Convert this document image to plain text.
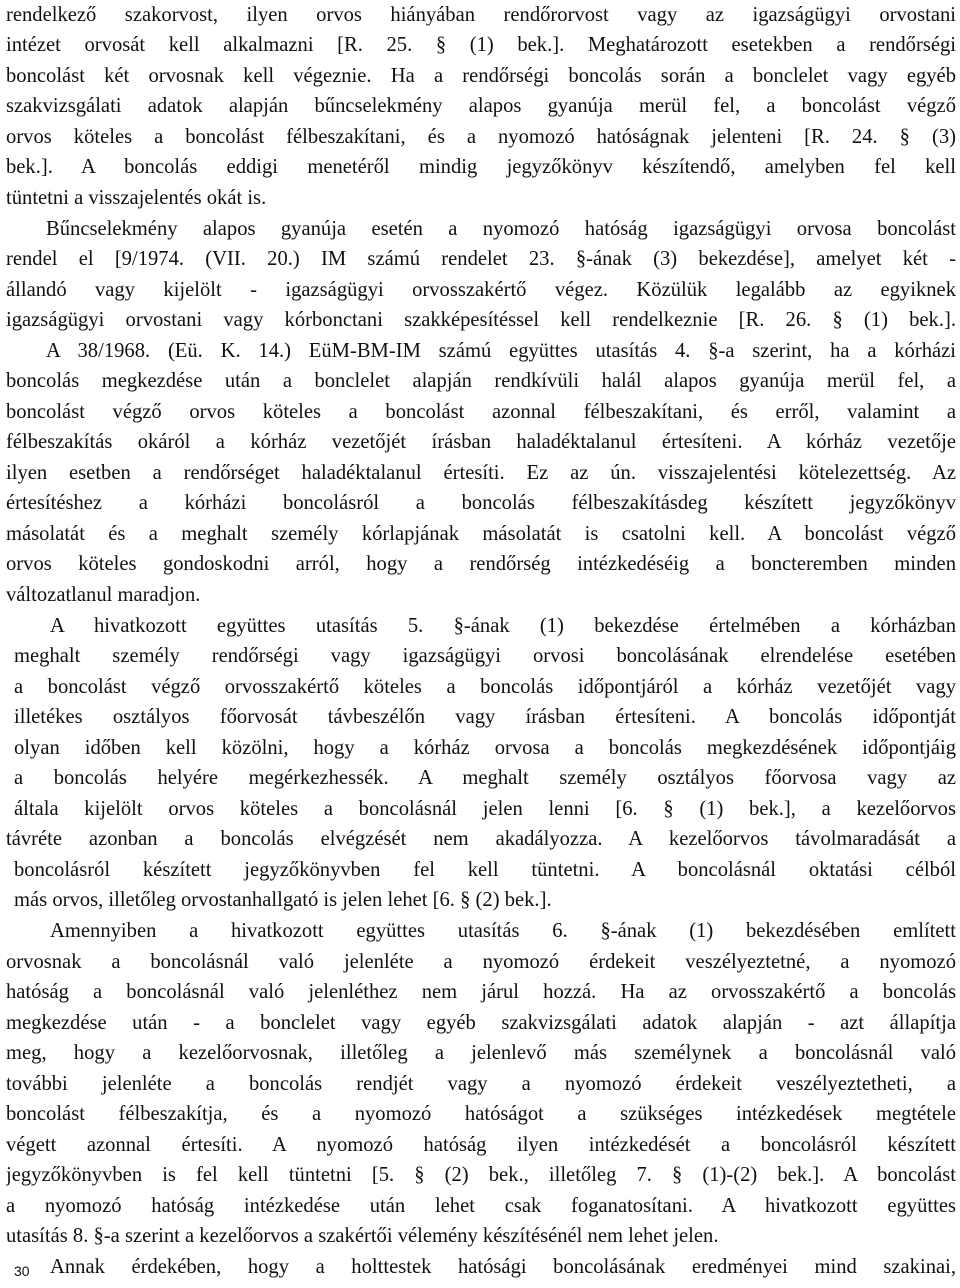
rendelkező szakorvost, ilyen orvos hiányában rendőrorvost vagy az igazságügyi orvostani
intézet orvosát kell alkalmazni [R. 25. § (1) bek.]. Meghatározott esetekben a rendőrségi
boncolást két orvosnak kell végeznie. Ha a rendőrségi boncolás során a bonclelet vagy egyéb
szakvizsgálati adatok alapján bűncselekmény alapos gyanúja merül fel, a boncolást végző
orvos köteles a boncolást félbeszakítani, és a nyomozó hatóságnak jelenteni [R. 24. § (3)
bek.]. A boncolás eddigi menetéről mindig jegyzőkönyv készítendő, amelyben fel kell
tüntetni a visszajelentés okát is.
Bűncselekmény alapos gyanúja esetén a nyomozó hatóság igazságügyi orvosa boncolást
rendel el [9/1974. (VII. 20.) IM számú rendelet 23. §-ának (3) bekezdése], amelyet két -
állandó vagy kijelölt - igazságügyi orvosszakértő végez. Közülük legalább az egyiknek
igazságügyi orvostani vagy kórbonctani szakképesítéssel kell rendelkeznie [R. 26. § (1) bek.].
A 38/1968. (Eü. K. 14.) EüM-BM-IM számú együttes utasítás 4. §-a szerint, ha a kórházi
boncolás megkezdése után a bonclelet alapján rendkívüli halál alapos gyanúja merül fel, a
boncolást végző orvos köteles a boncolást azonnal félbeszakítani, és erről, valamint a
félbeszakítás okáról a kórház vezetőjét írásban haladéktalanul értesíteni. A kórház vezetője
ilyen esetben a rendőrséget haladéktalanul értesíti. Ez az ún. visszajelentési kötelezettség. Az
értesítéshez a kórházi boncolásról a boncolás félbeszakításdeg készített jegyzőkönyv
másolatát és a meghalt személy kórlapjának másolatát is csatolni kell. A boncolást végző
orvos köteles gondoskodni arról, hogy a rendőrség intézkedéséig a boncteremben minden
változatlanul maradjon.
A hivatkozott együttes utasítás 5. §-ának (1) bekezdése értelmében a kórházban
meghalt személy rendőrségi vagy igazságügyi orvosi boncolásának elrendelése esetében
a boncolást végző orvosszakértő köteles a boncolás időpontjáról a kórház vezetőjét vagy
illetékes osztályos főorvosát távbeszélőn vagy írásban értesíteni. A boncolás időpontját
olyan időben kell közölni, hogy a kórház orvosa a boncolás megkezdésének időpontjáig
a boncolás helyére megérkezhessék. A meghalt személy osztályos főorvosa vagy az
általa kijelölt orvos köteles a boncolásnál jelen lenni [6. § (1) bek.], a kezelőorvos
távréte azonban a boncolás elvégzését nem akadályozza. A kezelőorvos távolmaradását a
boncolásról készített jegyzőkönyvben fel kell tüntetni. A boncolásnál oktatási célból
más orvos, illetőleg orvostanhallgató is jelen lehet [6. § (2) bek.].
Amennyiben a hivatkozott együttes utasítás 6. §-ának (1) bekezdésében említett
orvosnak a boncolásnál való jelenléte a nyomozó érdekeit veszélyeztetné, a nyomozó
hatóság a boncolásnál való jelenléthez nem járul hozzá. Ha az orvosszakértő a boncolás
megkezdése után - a bonclelet vagy egyéb szakvizsgálati adatok alapján - azt állapítja
meg, hogy a kezelőorvosnak, illetőleg a jelenlevő más személynek a boncolásnál való
további jelenléte a boncolás rendjét vagy a nyomozó érdekeit veszélyeztetheti, a
boncolást félbeszakítja, és a nyomozó hatóságot a szükséges intézkedések megtétele
végett azonnal értesíti. A nyomozó hatóság ilyen intézkedését a boncolásról készített
jegyzőkönyvben is fel kell tüntetni [5. § (2) bek., illetőleg 7. § (1)-(2) bek.]. A boncolást
a nyomozó hatóság intézkedése után lehet csak foganatosítani. A hivatkozott együttes
utasítás 8. §-a szerint a kezelőorvos a szakértői vélemény készítésénél nem lehet jelen.
Annak érdekében, hogy a holttestek hatósági boncolásának eredményei mind szakinai,
30
